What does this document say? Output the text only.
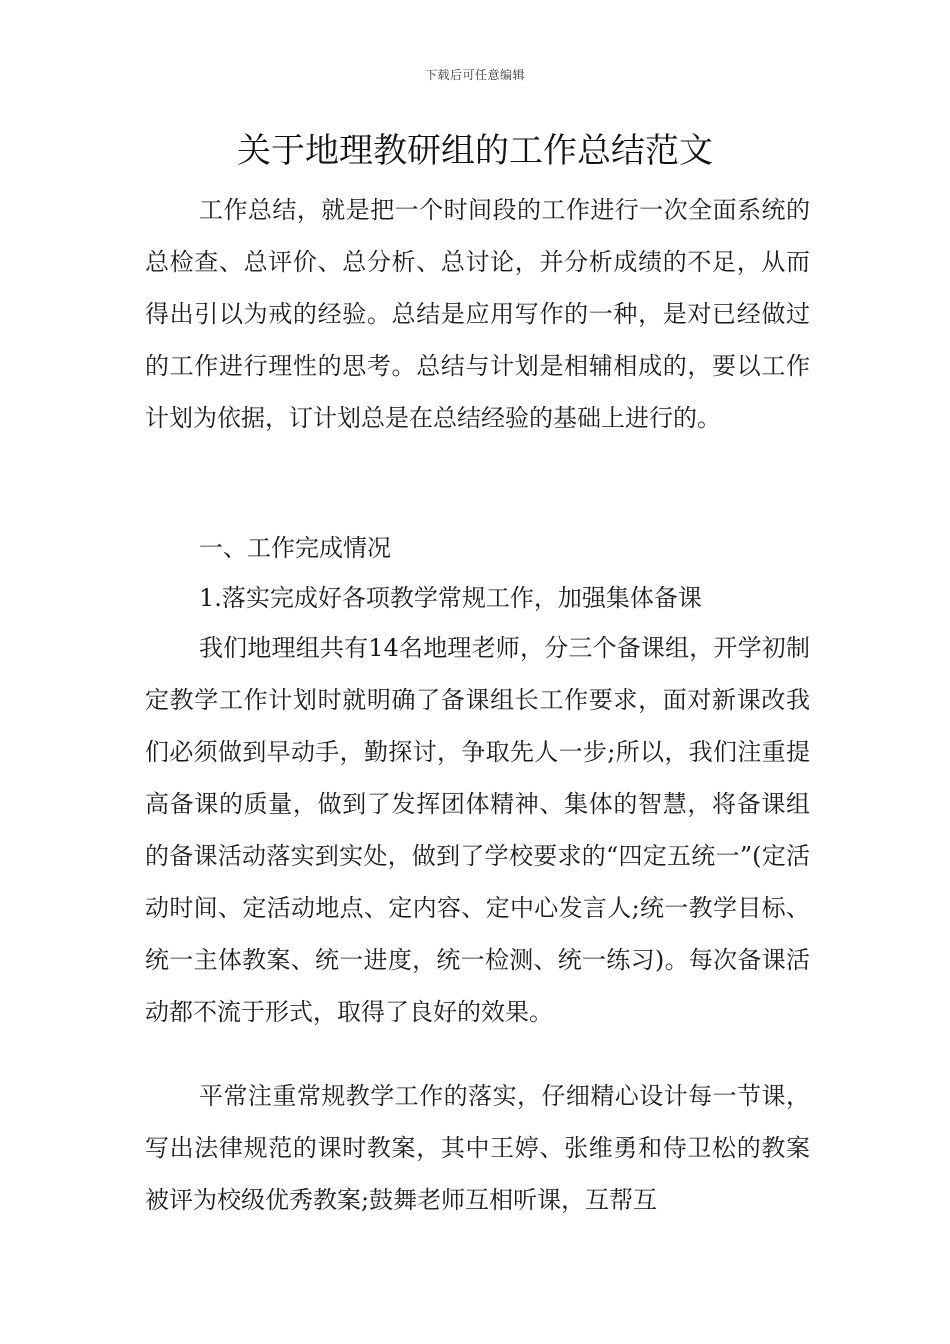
下载后可任意编辑
关于地理教研组的工作总结范文

工作总结，就是把一个时间段的工作进行一次全面系统的总检查、总评价、总分析、总讨论，并分析成绩的不足，从而得出引以为戒的经验。总结是应用写作的一种，是对已经做过的工作进行理性的思考。总结与计划是相辅相成的，要以工作计划为依据，订计划总是在总结经验的基础上进行的。

一、工作完成情况

1.落实完成好各项教学常规工作，加强集体备课

我们地理组共有14名地理老师，分三个备课组，开学初制定教学工作计划时就明确了备课组长工作要求，面对新课改我们必须做到早动手，勤探讨，争取先人一步;所以，我们注重提高备课的质量，做到了发挥团体精神、集体的智慧，将备课组的备课活动落实到实处，做到了学校要求的“四定五统一”(定活动时间、定活动地点、定内容、定中心发言人;统一教学目标、统一主体教案、统一进度，统一检测、统一练习)。每次备课活动都不流于形式，取得了良好的效果。

平常注重常规教学工作的落实，仔细精心设计每一节课，写出法律规范的课时教案，其中王婷、张维勇和侍卫松的教案被评为校级优秀教案;鼓舞老师互相听课，互帮互
